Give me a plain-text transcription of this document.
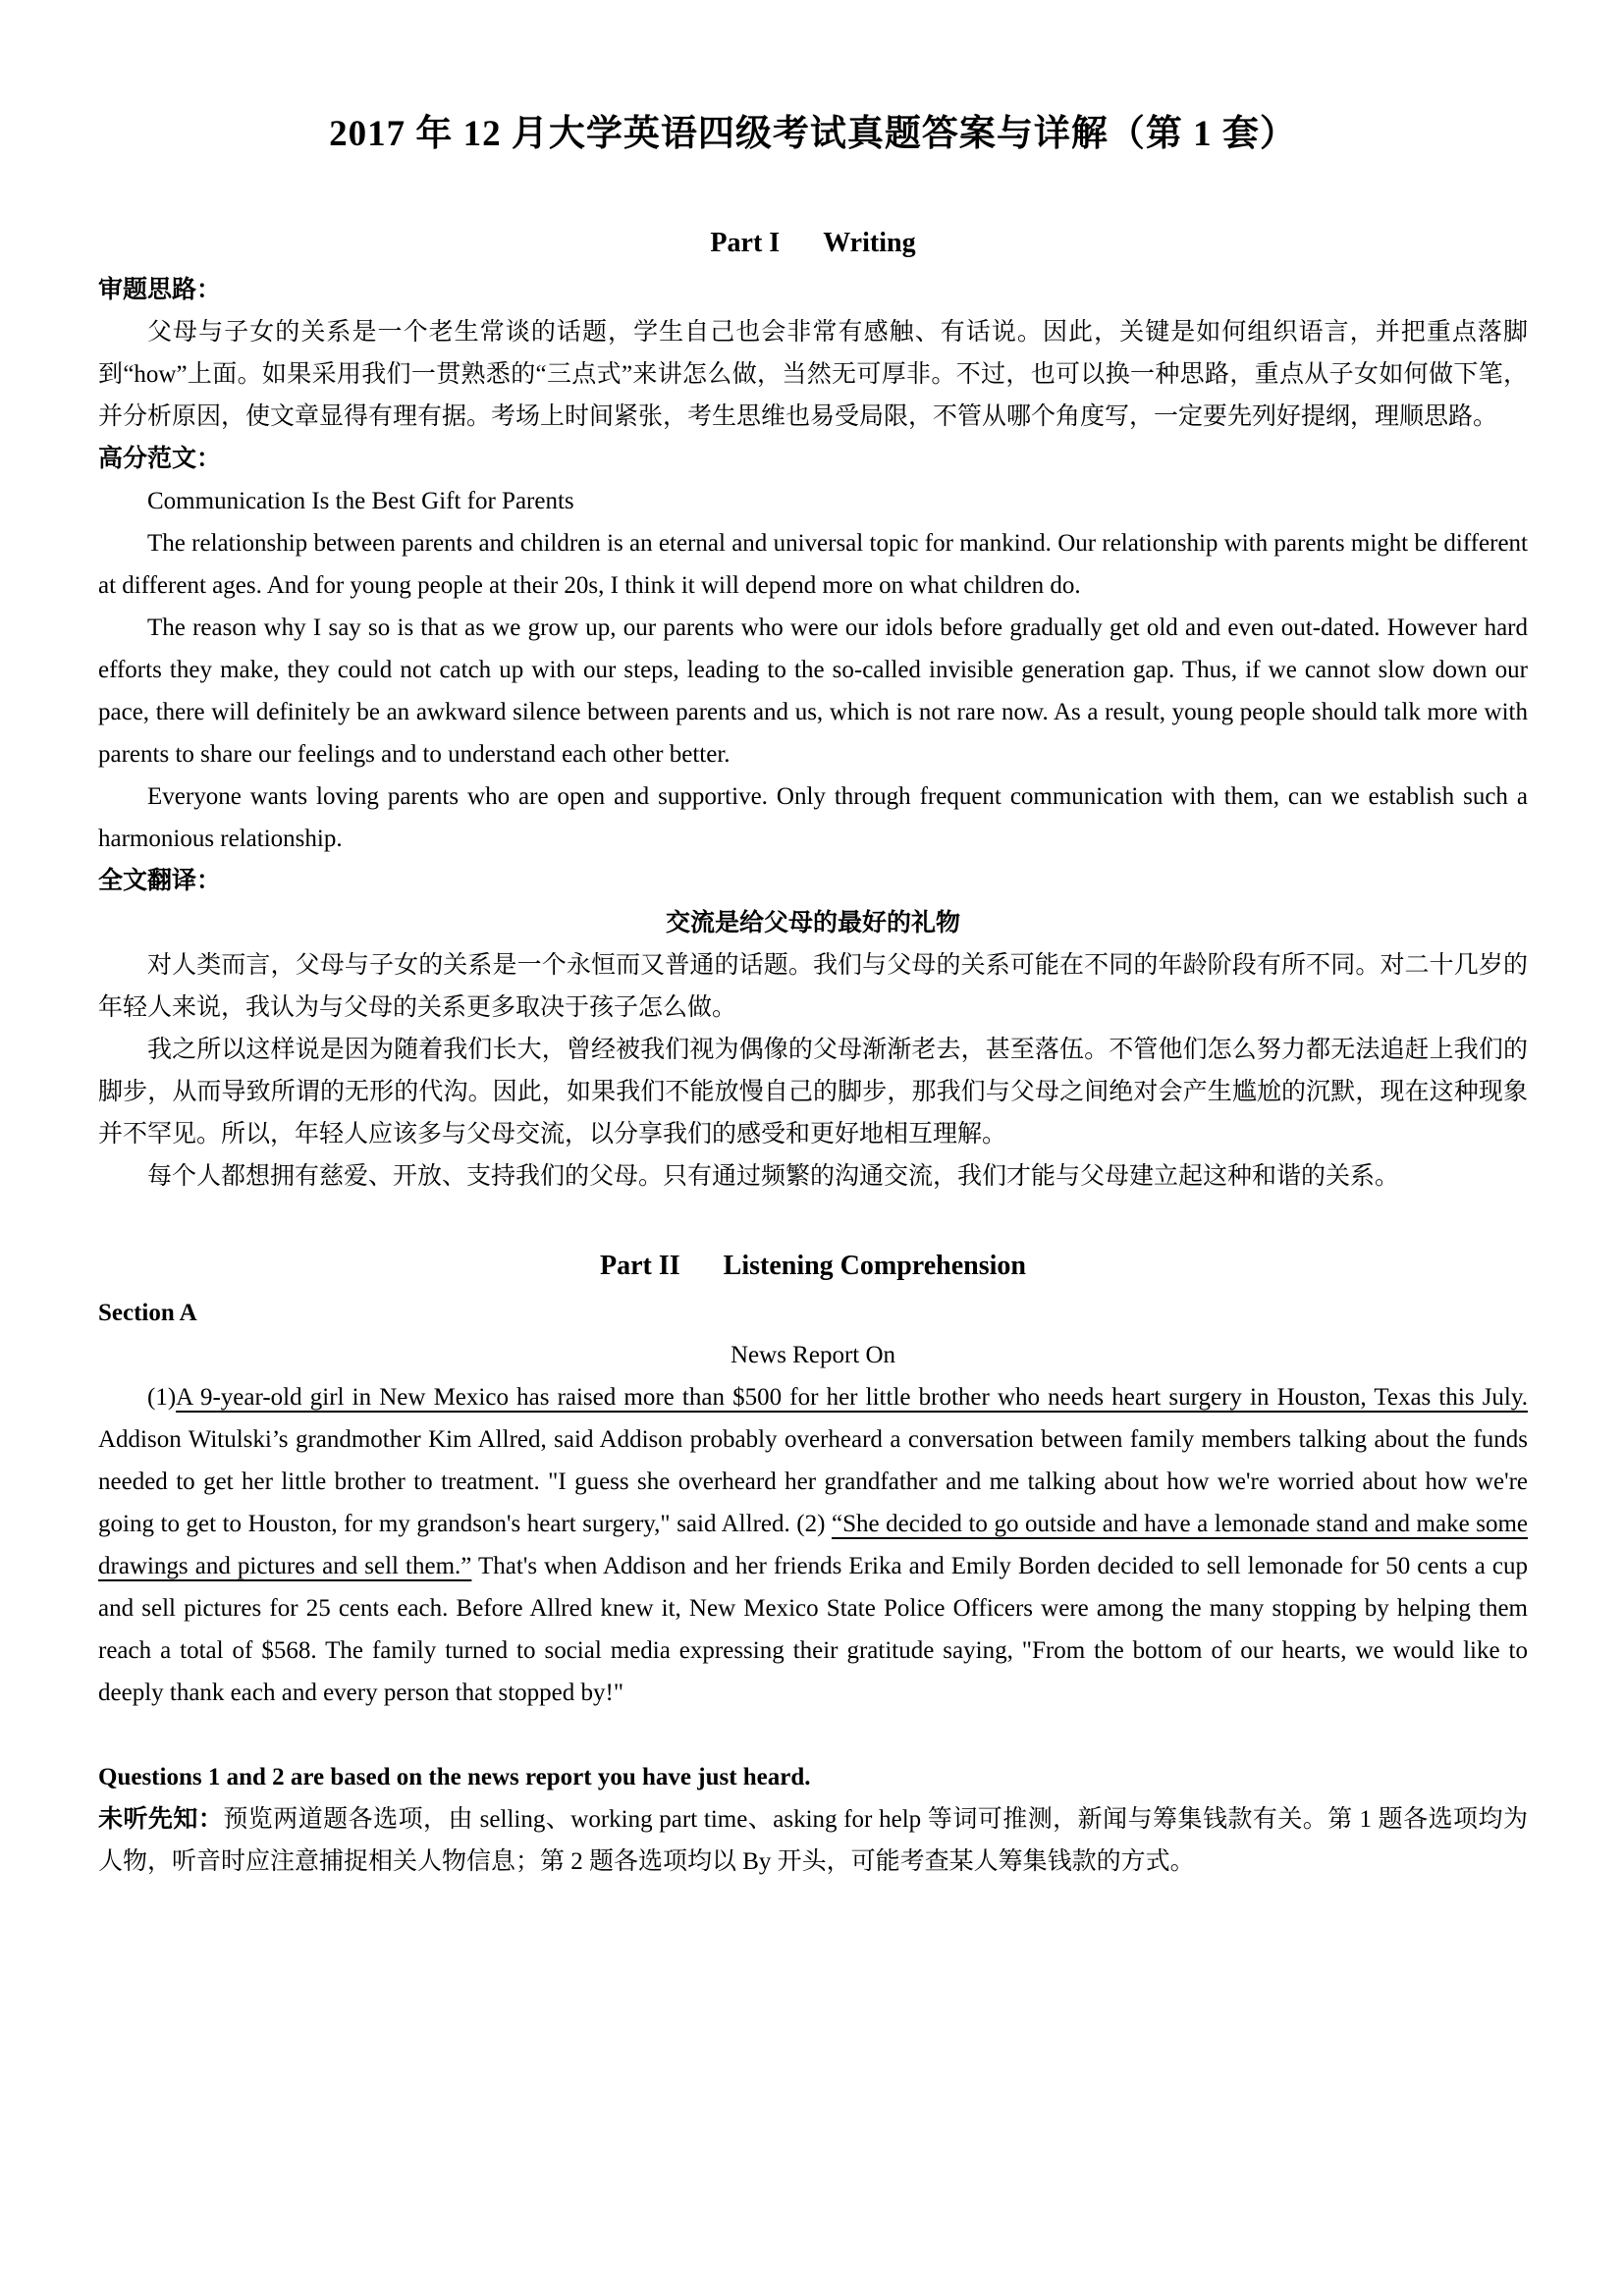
2017 年 12 月大学英语四级考试真题答案与详解（第 1 套）
Part I Writing

审题思路：

父母与子女的关系是一个老生常谈的话题，学生自己也会非常有感触、有话说。因此，关键是如何组织语言，并把重点落脚到“how”上面。如果采用我们一贯熟悉的“三点式”来讲怎么做，当然无可厚非。不过，也可以换一种思路，重点从子女如何做下笔，并分析原因，使文章显得有理有据。考场上时间紧张，考生思维也易受局限，不管从哪个角度写，一定要先列好提纲，理顺思路。

高分范文：

Communication Is the Best Gift for Parents

The relationship between parents and children is an eternal and universal topic for mankind. Our relationship with parents might be different at different ages. And for young people at their 20s, I think it will depend more on what children do.

The reason why I say so is that as we grow up, our parents who were our idols before gradually get old and even out-dated. However hard efforts they make, they could not catch up with our steps, leading to the so-called invisible generation gap. Thus, if we cannot slow down our pace, there will definitely be an awkward silence between parents and us, which is not rare now. As a result, young people should talk more with parents to share our feelings and to understand each other better.

Everyone wants loving parents who are open and supportive. Only through frequent communication with them, can we establish such a harmonious relationship.

全文翻译：

交流是给父母的最好的礼物

对人类而言，父母与子女的关系是一个永恒而又普通的话题。我们与父母的关系可能在不同的年龄阶段有所不同。对二十几岁的年轻人来说，我认为与父母的关系更多取决于孩子怎么做。

我之所以这样说是因为随着我们长大，曾经被我们视为偶像的父母渐渐老去，甚至落伍。不管他们怎么努力都无法追赶上我们的脚步，从而导致所谓的无形的代沟。因此，如果我们不能放慢自己的脚步，那我们与父母之间绝对会产生尴尬的沉默，现在这种现象并不罕见。所以，年轻人应该多与父母交流，以分享我们的感受和更好地相互理解。

每个人都想拥有慈爱、开放、支持我们的父母。只有通过频繁的沟通交流，我们才能与父母建立起这种和谐的关系。

Part II Listening Comprehension

Section A

News Report On

(1)A 9-year-old girl in New Mexico has raised more than $500 for her little brother who needs heart surgery in Houston, Texas this July. Addison Witulski’s grandmother Kim Allred, said Addison probably overheard a conversation between family members talking about the funds needed to get her little brother to treatment. "I guess she overheard her grandfather and me talking about how we're worried about how we're going to get to Houston, for my grandson's heart surgery," said Allred. (2) “She decided to go outside and have a lemonade stand and make some drawings and pictures and sell them.” That's when Addison and her friends Erika and Emily Borden decided to sell lemonade for 50 cents a cup and sell pictures for 25 cents each. Before Allred knew it, New Mexico State Police Officers were among the many stopping by helping them reach a total of $568. The family turned to social media expressing their gratitude saying, "From the bottom of our hearts, we would like to deeply thank each and every person that stopped by!"

Questions 1 and 2 are based on the news report you have just heard.

未听先知：预览两道题各选项，由 selling、working part time、asking for help 等词可推测，新闻与筹集钱款有关。第 1 题各选项均为人物，听音时应注意捕捉相关人物信息；第 2 题各选项均以 By 开头，可能考查某人筹集钱款的方式。
